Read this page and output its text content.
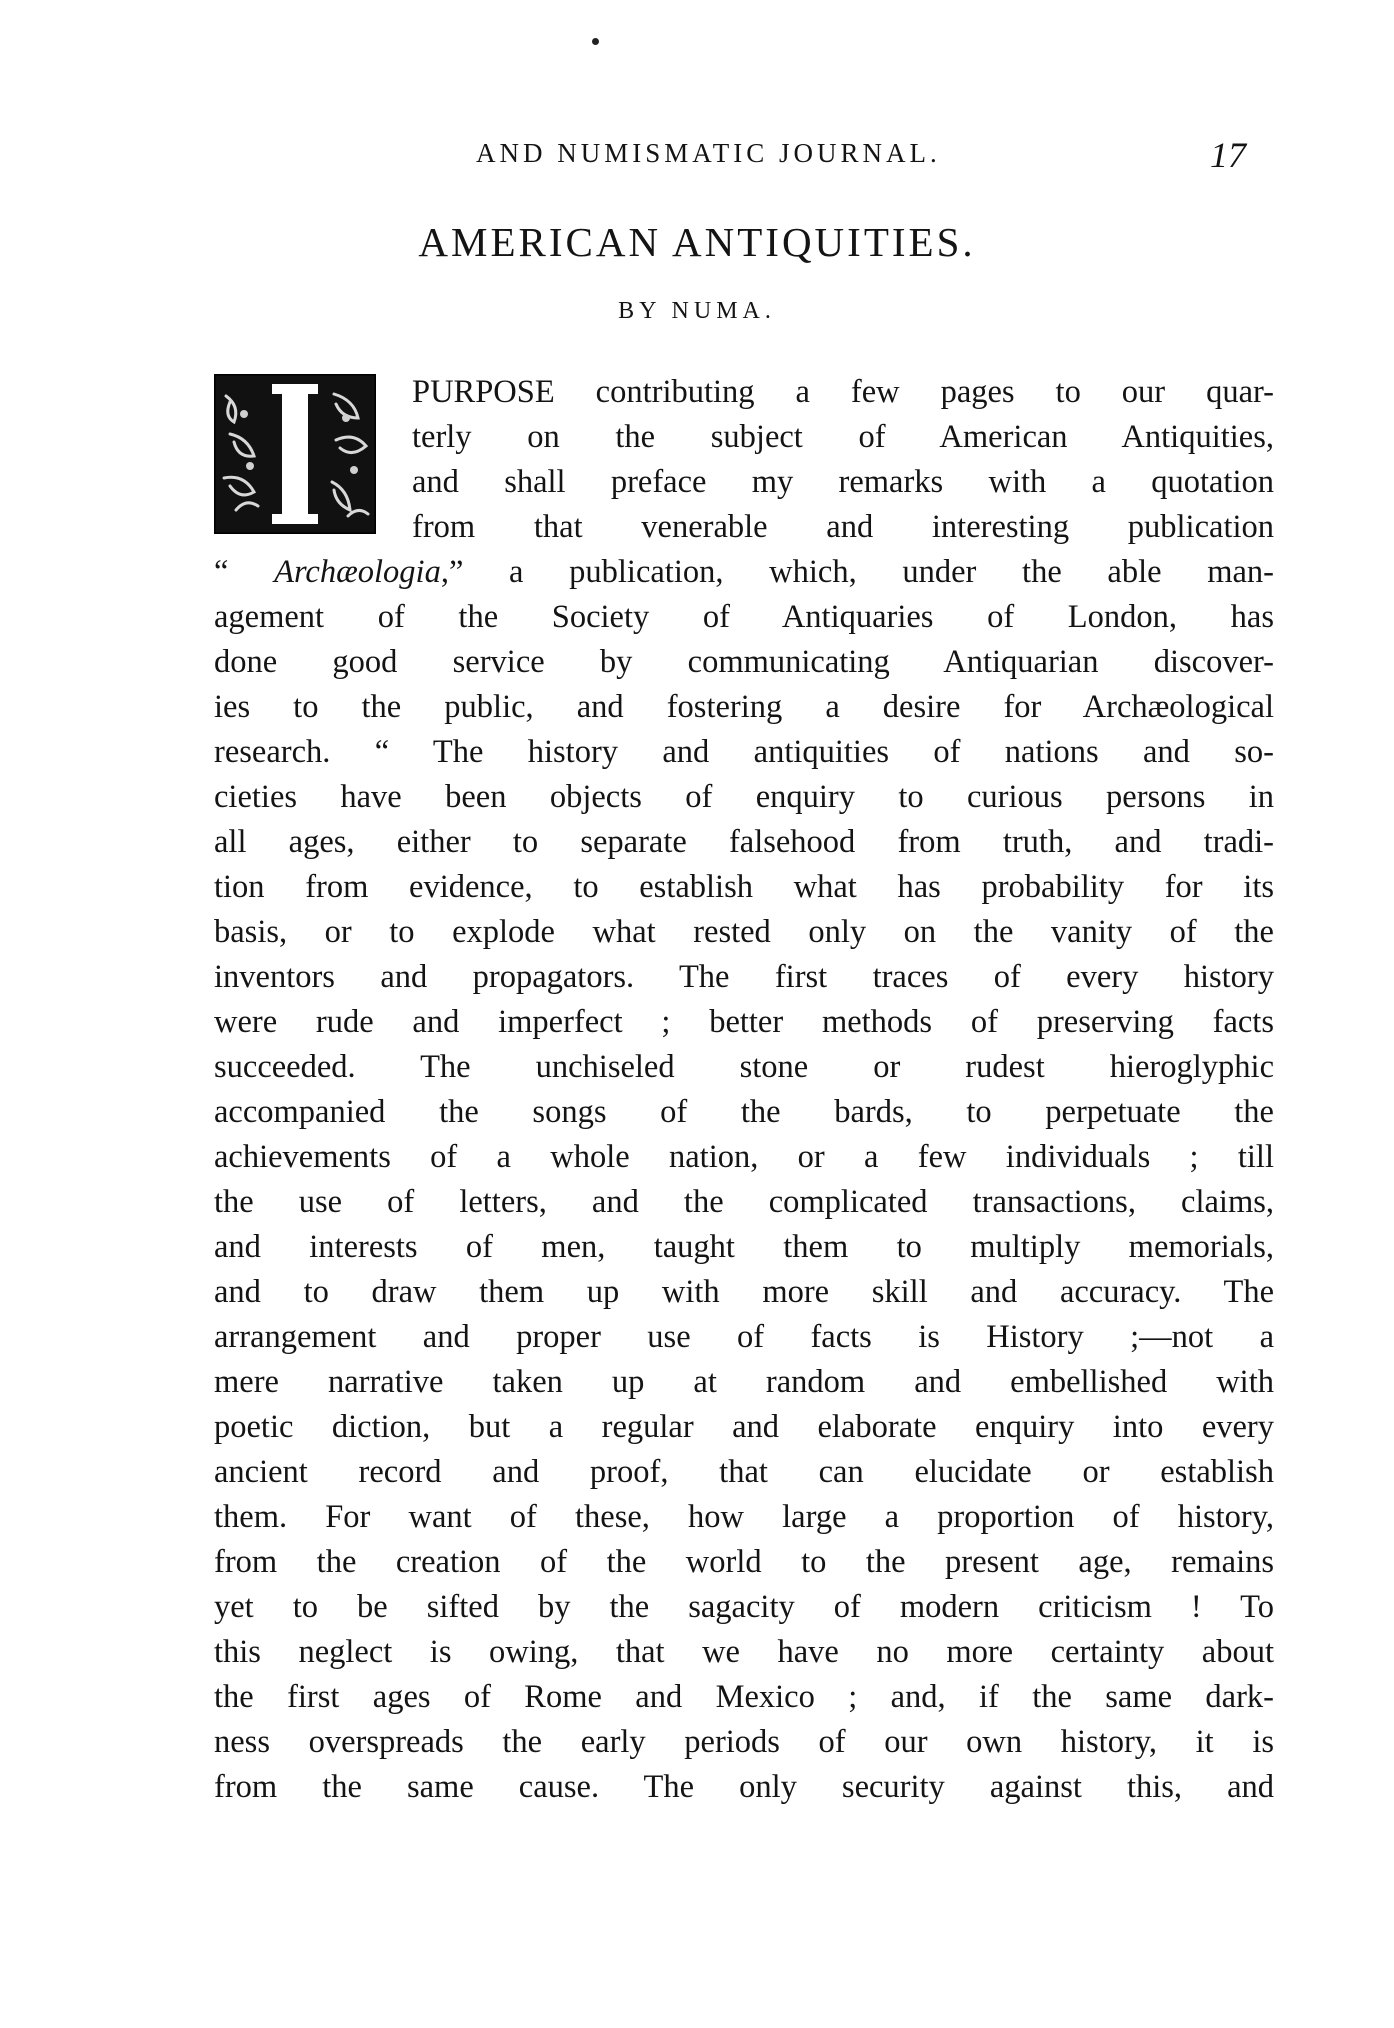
AND NUMISMATIC JOURNAL.	17
AMERICAN ANTIQUITIES.
BY NUMA.
PURPOSE contributing a few pages to our quar-
terly on the subject of American Antiquities,
and shall preface my remarks with a quotation
from that venerable and interesting publication
“ Archæologia,” a publication, which, under the able man-
agement of the Society of Antiquaries of London, has
done good service by communicating Antiquarian discover-
ies to the public, and fostering a desire for Archæological
research. “ The history and antiquities of nations and so-
cieties have been objects of enquiry to curious persons in
all ages, either to separate falsehood from truth, and tradi-
tion from evidence, to establish what has probability for its
basis, or to explode what rested only on the vanity of the
inventors and propagators. The first traces of every history
were rude and imperfect ; better methods of preserving facts
succeeded. The unchiseled stone or rudest hieroglyphic
accompanied the songs of the bards, to perpetuate the
achievements of a whole nation, or a few individuals ; till
the use of letters, and the complicated transactions, claims,
and interests of men, taught them to multiply memorials,
and to draw them up with more skill and accuracy. The
arrangement and proper use of facts is History ;—not a
mere narrative taken up at random and embellished with
poetic diction, but a regular and elaborate enquiry into every
ancient record and proof, that can elucidate or establish
them. For want of these, how large a proportion of history,
from the creation of the world to the present age, remains
yet to be sifted by the sagacity of modern criticism ! To
this neglect is owing, that we have no more certainty about
the first ages of Rome and Mexico ; and, if the same dark-
ness overspreads the early periods of our own history, it is
from the same cause. The only security against this, and
